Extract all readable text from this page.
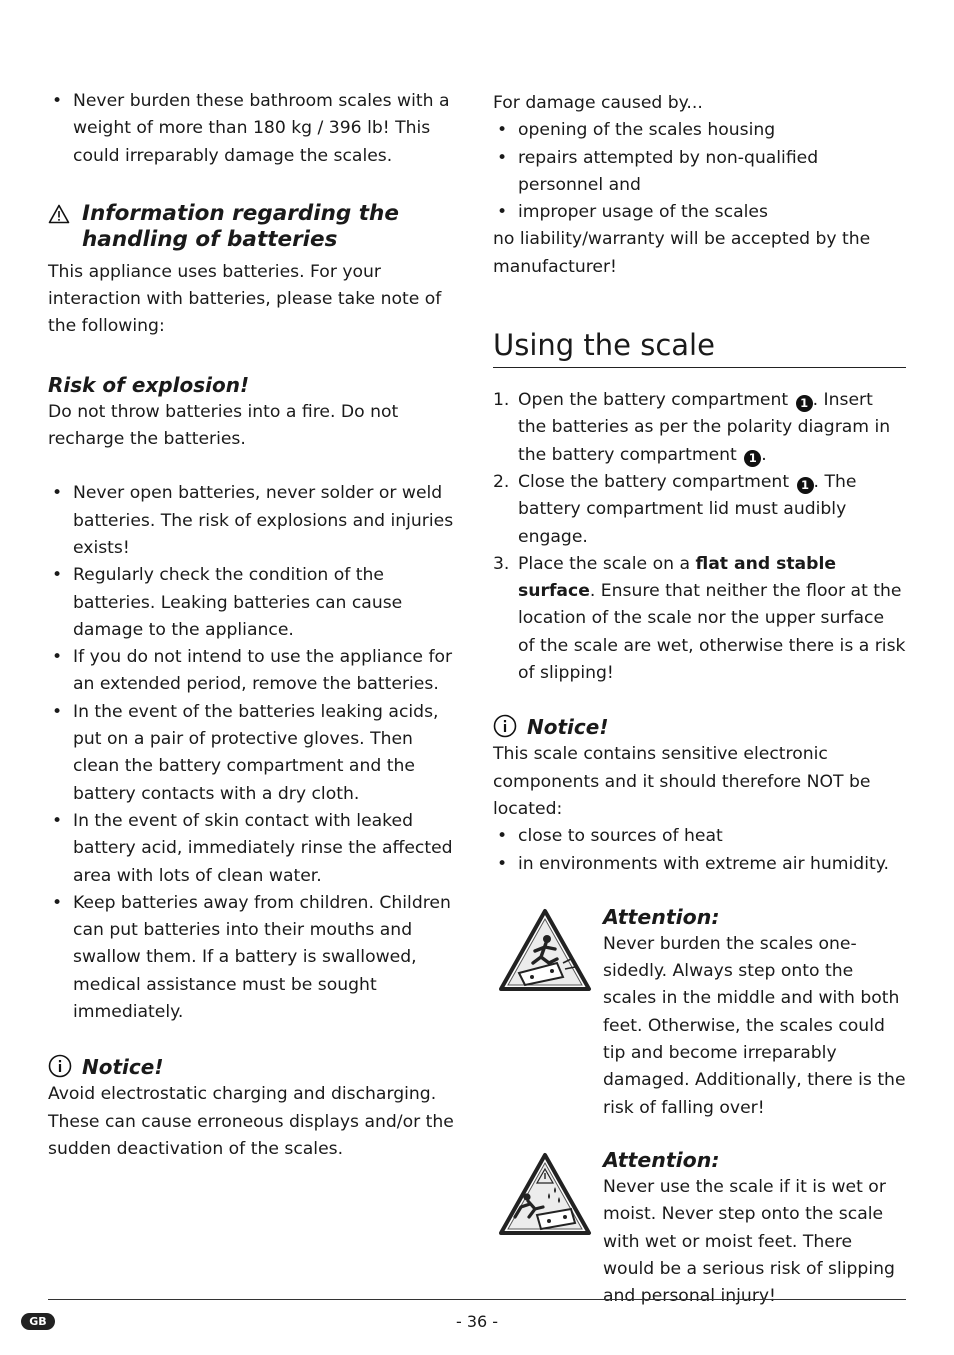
• Never burden these bathroom scales with a weight of more than 180 kg / 396 lb! This could irreparably damage the scales.
Information regarding the
handling of batteries

This appliance uses batteries. For your interaction with batteries, please take note of the following:

Risk of explosion!

Do not throw batteries into a fire. Do not recharge the batteries.

• Never open batteries, never solder or weld batteries. The risk of explosions and injuries exists!
• Regularly check the condition of the batteries. Leaking batteries can cause damage to the appliance.
• If you do not intend to use the appliance for an extended period, remove the batteries.
• In the event of the batteries leaking acids, put on a pair of protective gloves. Then clean the battery compartment and the battery contacts with a dry cloth.
• In the event of skin contact with leaked battery acid, immediately rinse the affected area with lots of clean water.
• Keep batteries away from children. Children can put batteries into their mouths and swallow them. If a battery is swallowed, medical assistance must be sought immediately.
Notice!

Avoid electrostatic charging and discharging. These can cause erroneous displays and/or the sudden deactivation of the scales.

For damage caused by...

• opening of the scales housing
• repairs attempted by non-qualified personnel and
• improper usage of the scales

no liability/warranty will be accepted by the manufacturer!

Using the scale
1. Open the battery compartment 1 . Insert the batteries as per the polarity diagram in the battery compartment 1 .
2. Close the battery compartment 1 . The battery compartment lid must audibly engage.
3. Place the scale on a flat and stable surface. Ensure that neither the floor at the location of the scale nor the upper surface of the scale are wet, otherwise there is a risk of slipping!
Notice!

This scale contains sensitive electronic components and it should therefore NOT be located:

• close to sources of heat
• in environments with extreme air humidity.
Attention:

Never burden the scales one-sidedly. Always step onto the scales in the middle and with both feet. Otherwise, the scales could tip and become irreparably damaged. Additionally, there is the risk of falling over!

Attention:

Never use the scale if it is wet or moist. Never step onto the scale with wet or moist feet. There would be a serious risk of slipping and personal injury!

GB	- 36 -
